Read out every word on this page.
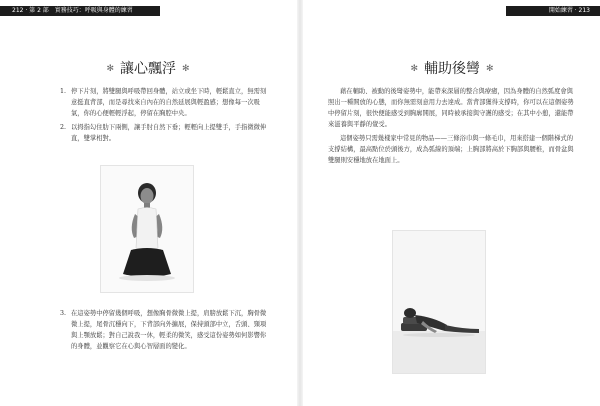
212 ‧ 第 2 部　實務技巧：呼吸與身體的練習
✻ 讓心飄浮 ✻
1. 停下片刻，將雙腿與呼吸帶回身體，站立或坐下時，輕鬆直立，無需刻意挺直背部，而是尋找來自內在的自然延展與輕盈感；想像每一次吸氣，你的心便輕輕浮起，停留在胸腔中央。
2. 以拇指勾住肋下兩側，讓手肘自然下垂；輕輕向上提雙手，手指微微伸直，雙掌相對。
3. 在這姿勢中停留幾個呼吸，想像胸骨微微上提，肩膀放鬆下沉，胸骨微微上提，尾骨沉穩向下，下背部向外擴展，保持頭部中立，舌頭、頸項與上顎放鬆；對自己說我一休，輕柔的微笑，感受這份姿勢如何影響你的身體，並觀察它在心與心智層面的變化。
開始練習 ‧ 213
✻ 輔助後彎 ✻

藉在輔助、被動的後彎姿勢中，能帶來深層的整合與療癒，因為身體的自然弧度會與照出一種開放的心態，而你無需刻意用力去達成。當背部獲得支撐時，你可以在這個姿勢中停留片刻，很快便能感受到胸廓開展，同時被承接與守護的感受；在其中小憩，還能帶來滋養與平靜的覺受。

這個姿勢只需幾樣家中常見的物品——三條浴巾與一條毛巾，用來搭建一個階梯式的支撐結構，最高點位於頭後方，成為弧線的頂端；上胸部將高於下胸部與腰椎，而骨盆與雙腿則安穩地放在地面上。
